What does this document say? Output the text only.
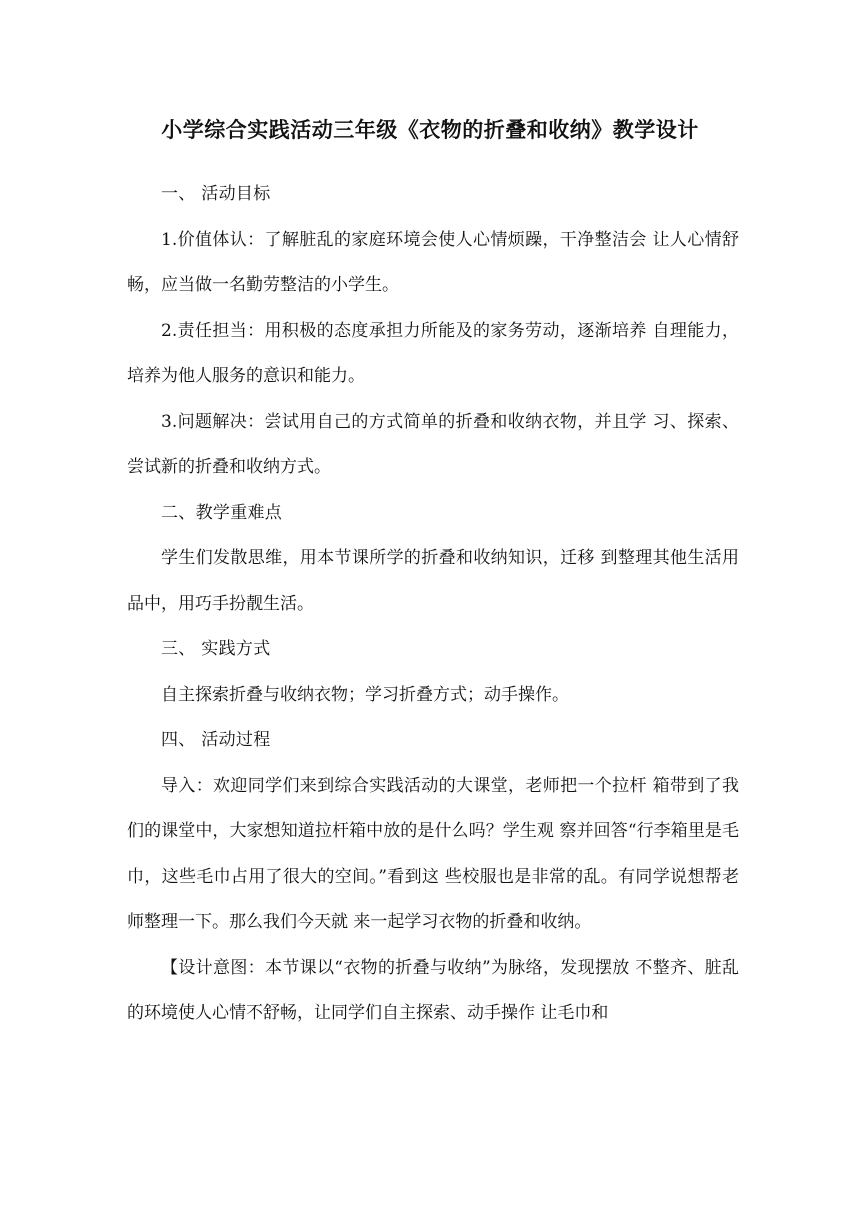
小学综合实践活动三年级《衣物的折叠和收纳》教学设计

一、 活动目标

1.价值体认：了解脏乱的家庭环境会使人心情烦躁，干净整洁会 让人心情舒畅，应当做一名勤劳整洁的小学生。

2.责任担当：用积极的态度承担力所能及的家务劳动，逐渐培养 自理能力，培养为他人服务的意识和能力。

3.问题解决：尝试用自己的方式简单的折叠和收纳衣物，并且学 习、探索、尝试新的折叠和收纳方式。

二、教学重难点

学生们发散思维，用本节课所学的折叠和收纳知识，迁移 到整理其他生活用品中，用巧手扮靓生活。

三、 实践方式

自主探索折叠与收纳衣物；学习折叠方式；动手操作。

四、 活动过程

导入：欢迎同学们来到综合实践活动的大课堂，老师把一个拉杆 箱带到了我们的课堂中，大家想知道拉杆箱中放的是什么吗？学生观 察并回答“行李箱里是毛巾，这些毛巾占用了很大的空间。”看到这 些校服也是非常的乱。有同学说想帮老师整理一下。那么我们今天就 来一起学习衣物的折叠和收纳。

【设计意图：本节课以“衣物的折叠与收纳”为脉络，发现摆放 不整齐、脏乱的环境使人心情不舒畅，让同学们自主探索、动手操作 让毛巾和
